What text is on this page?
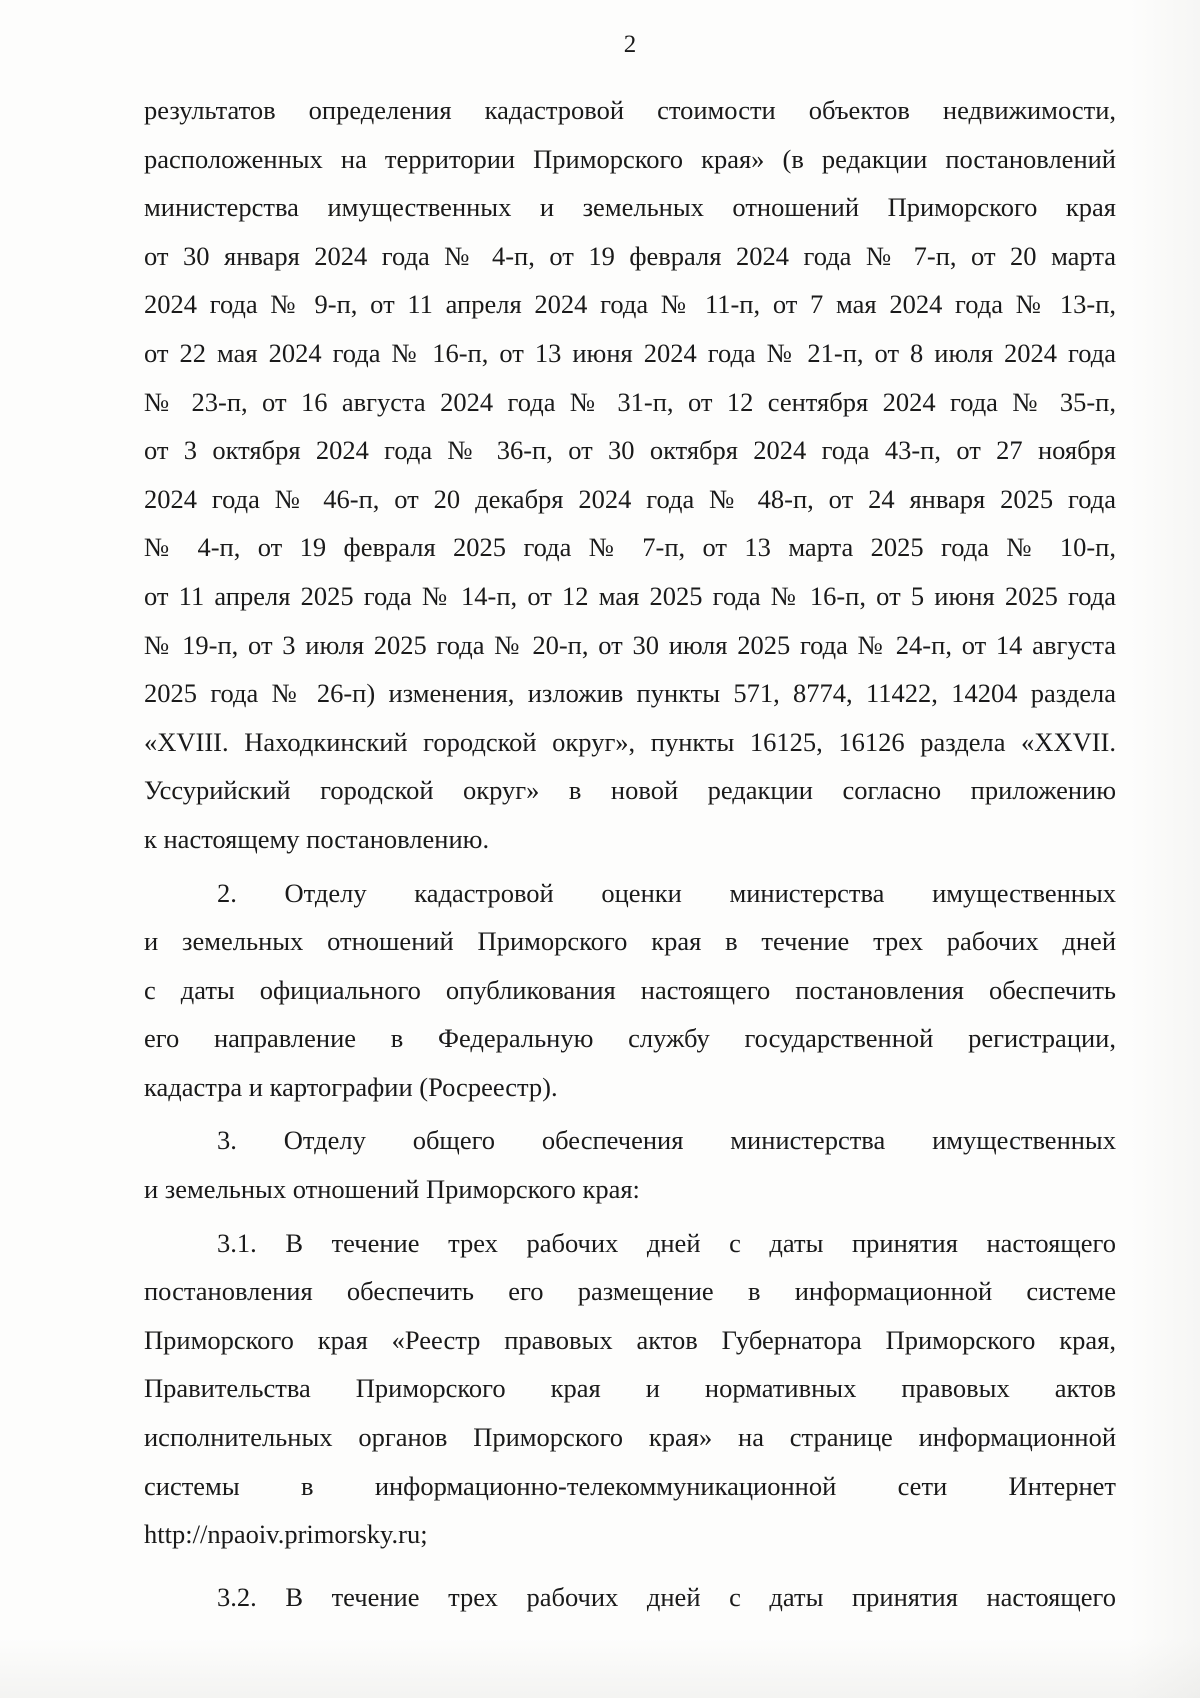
2
результатов определения кадастровой стоимости объектов недвижимости,
расположенных на территории Приморского края» (в редакции постановлений
министерства имущественных и земельных отношений Приморского края
от 30 января 2024 года № 4-п, от 19 февраля 2024 года № 7-п, от 20 марта
2024 года № 9-п, от 11 апреля 2024 года № 11-п, от 7 мая 2024 года № 13-п,
от 22 мая 2024 года № 16-п, от 13 июня 2024 года № 21-п, от 8 июля 2024 года
№ 23-п, от 16 августа 2024 года № 31-п, от 12 сентября 2024 года № 35-п,
от 3 октября 2024 года № 36-п, от 30 октября 2024 года 43-п, от 27 ноября
2024 года № 46-п, от 20 декабря 2024 года № 48-п, от 24 января 2025 года
№ 4-п, от 19 февраля 2025 года № 7-п, от 13 марта 2025 года № 10-п,
от 11 апреля 2025 года № 14-п, от 12 мая 2025 года № 16-п, от 5 июня 2025 года
№ 19-п, от 3 июля 2025 года № 20-п, от 30 июля 2025 года № 24-п, от 14 августа
2025 года № 26-п) изменения, изложив пункты 571, 8774, 11422, 14204 раздела
«XVIII. Находкинский городской округ», пункты 16125, 16126 раздела «XXVII.
Уссурийский городской округ» в новой редакции согласно приложению
к настоящему постановлению.
2. Отделу кадастровой оценки министерства имущественных
и земельных отношений Приморского края в течение трех рабочих дней
с даты официального опубликования настоящего постановления обеспечить
его направление в Федеральную службу государственной регистрации,
кадастра и картографии (Росреестр).
3. Отделу общего обеспечения министерства имущественных
и земельных отношений Приморского края:
3.1. В течение трех рабочих дней с даты принятия настоящего
постановления обеспечить его размещение в информационной системе
Приморского края «Реестр правовых актов Губернатора Приморского края,
Правительства Приморского края и нормативных правовых актов
исполнительных органов Приморского края» на странице информационной
системы в информационно-телекоммуникационной сети Интернет
http://npaoiv.primorsky.ru;
3.2. В течение трех рабочих дней с даты принятия настоящего
